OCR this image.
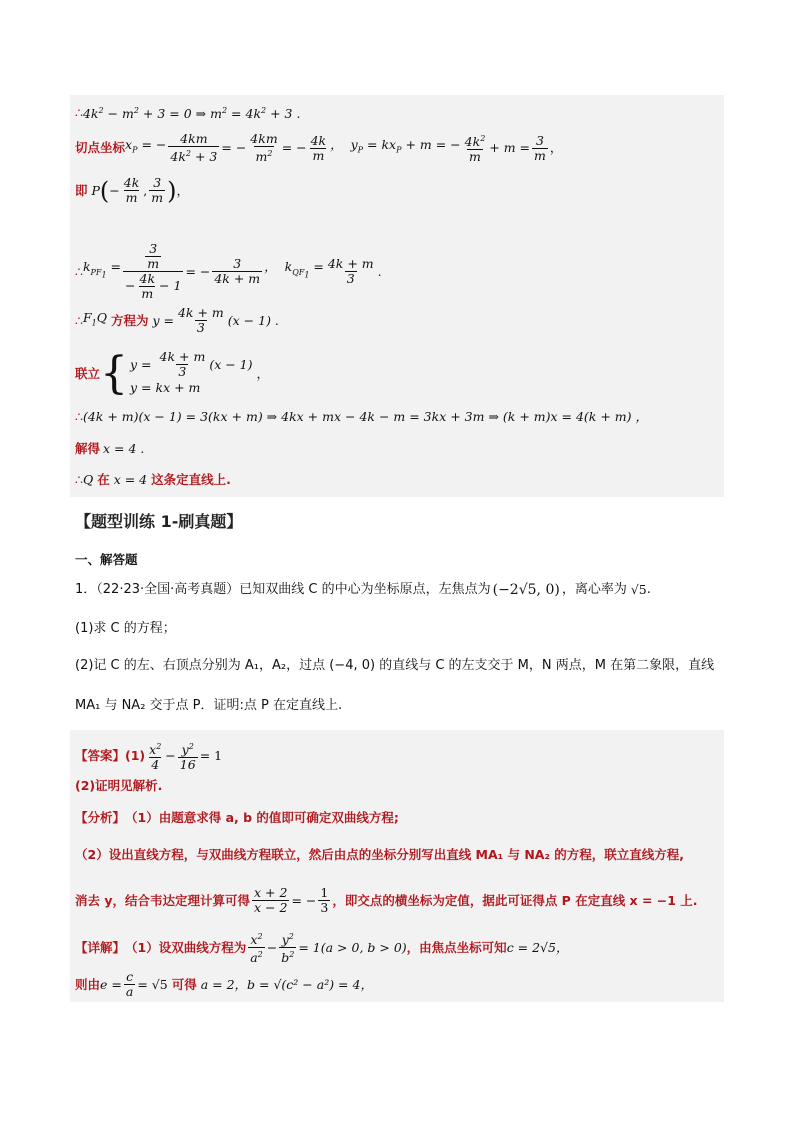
∴ $4k^2 - m^2 + 3 = 0$ ⇒ $m^2 = 4k^2 + 3$ .
切点坐标 $x_P$ = − $\frac{4km}{4k^2 + 3}$ = − $\frac{4km}{m^2}$ = − $\frac{4k}{m}$ ，  $y_P = kx_P + m$ = − $\frac{4k^2}{m} + m = \frac{3}{m}$ ，
即 P ( − $\frac{4k}{m}$ , $\frac{3}{m}$ ) ，
∴ $k_{PF_1} = \frac{\frac{3}{m}}{- \frac{4k}{m} - 1}$ = − $\frac{3}{4k + m}$ ，  $k_{QF_1} = \frac{4k + m}{3}$ .
∴ $F_1Q$ 方程为 $y = \frac{4k + m}{3} (x - 1)$ .
联立 { $y = \frac{4k + m}{3} (x - 1)$
y = kx + m
，
∴ (4k + m)(x − 1) = 3(kx + m) ⇒ 4kx + mx − 4k − m = 3kx + 3m ⇒ (k + m)x = 4(k + m) ，
解得 x = 4 .
∴ Q 在 x = 4 这条定直线上.
【题型训练 1-刷真题】
一、解答题
1．（22·23·全国·高考真题）已知双曲线 C 的中心为坐标原点，左焦点为 (−2√5, 0) ，离心率为 √5 .
(1)求 C 的方程；
(2)记 C 的左、右顶点分别为 A₁，A₂，过点 (−4, 0) 的直线与 C 的左支交于 M，N 两点，M 在第二象限，直线
MA₁ 与 NA₂ 交于点 P．证明:点 P 在定直线上.
【答案】 $(1) \frac{x^2}{4} - \frac{y^2}{16} = 1$
(2)证明见解析.
【分析】 （1）由题意求得 a, b 的值即可确定双曲线方程;
（2）设出直线方程，与双曲线方程联立，然后由点的坐标分别写出直线 MA₁ 与 NA₂ 的方程，联立直线方程,
消去 y，结合韦达定理计算可得 $\frac{x + 2}{x - 2}$ = − $\frac{1}{3}$ ，即交点的横坐标为定值，据此可证得点 P 在定直线 x = −1 上.
【详解】 （1）设双曲线方程为 $\frac{x^2}{a^2} - \frac{y^2}{b^2} = 1(a > 0$, b > 0) ，由焦点坐标可知 c = 2√5，
则由 $e = \frac{c}{a} = √5$ 可得 a = 2，b = √(c² − a²) = 4，
